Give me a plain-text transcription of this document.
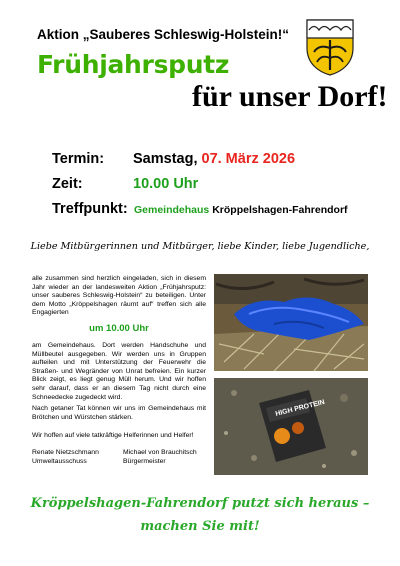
Aktion „Sauberes Schleswig-Holstein!“
Frühjahrsputz
für unser Dorf!
Termin: Samstag, 07. März 2026
Zeit:	10.00 Uhr
Treffpunkt: Gemeindehaus Kröppelshagen-Fahrendorf
Liebe Mitbürgerinnen und Mitbürger, liebe Kinder, liebe Jugendliche,
alle zusammen sind herzlich eingeladen, sich in diesem Jahr wieder an der landesweiten Aktion „Frühjahrsputz: unser sauberes Schleswig-Holstein“ zu beteiligen. Unter dem Motto „Kröppelshagen räumt auf“ treffen sich alle Engagierten
um 10.00 Uhr
am Gemeindehaus. Dort werden Handschuhe und Müllbeutel ausgegeben. Wir werden uns in Gruppen aufteilen und mit Unterstützung der Feuerwehr die Straßen- und Wegränder von Unrat befreien. Ein kurzer Blick zeigt, es liegt genug Müll herum. Und wir hoffen sehr darauf, dass er an diesem Tag nicht durch eine Schneedecke zugedeckt wird.
Nach getaner Tat können wir uns im Gemeindehaus mit Brötchen und Würstchen stärken.
Wir hoffen auf viele tatkräftige Helferinnen und Helfer!
Renate Nietzschmann
Umweltausschuss
Michael von Brauchitsch
Bürgermeister
HIGH PROTEIN
Kröppelshagen-Fahrendorf putzt sich heraus –
machen Sie mit!
